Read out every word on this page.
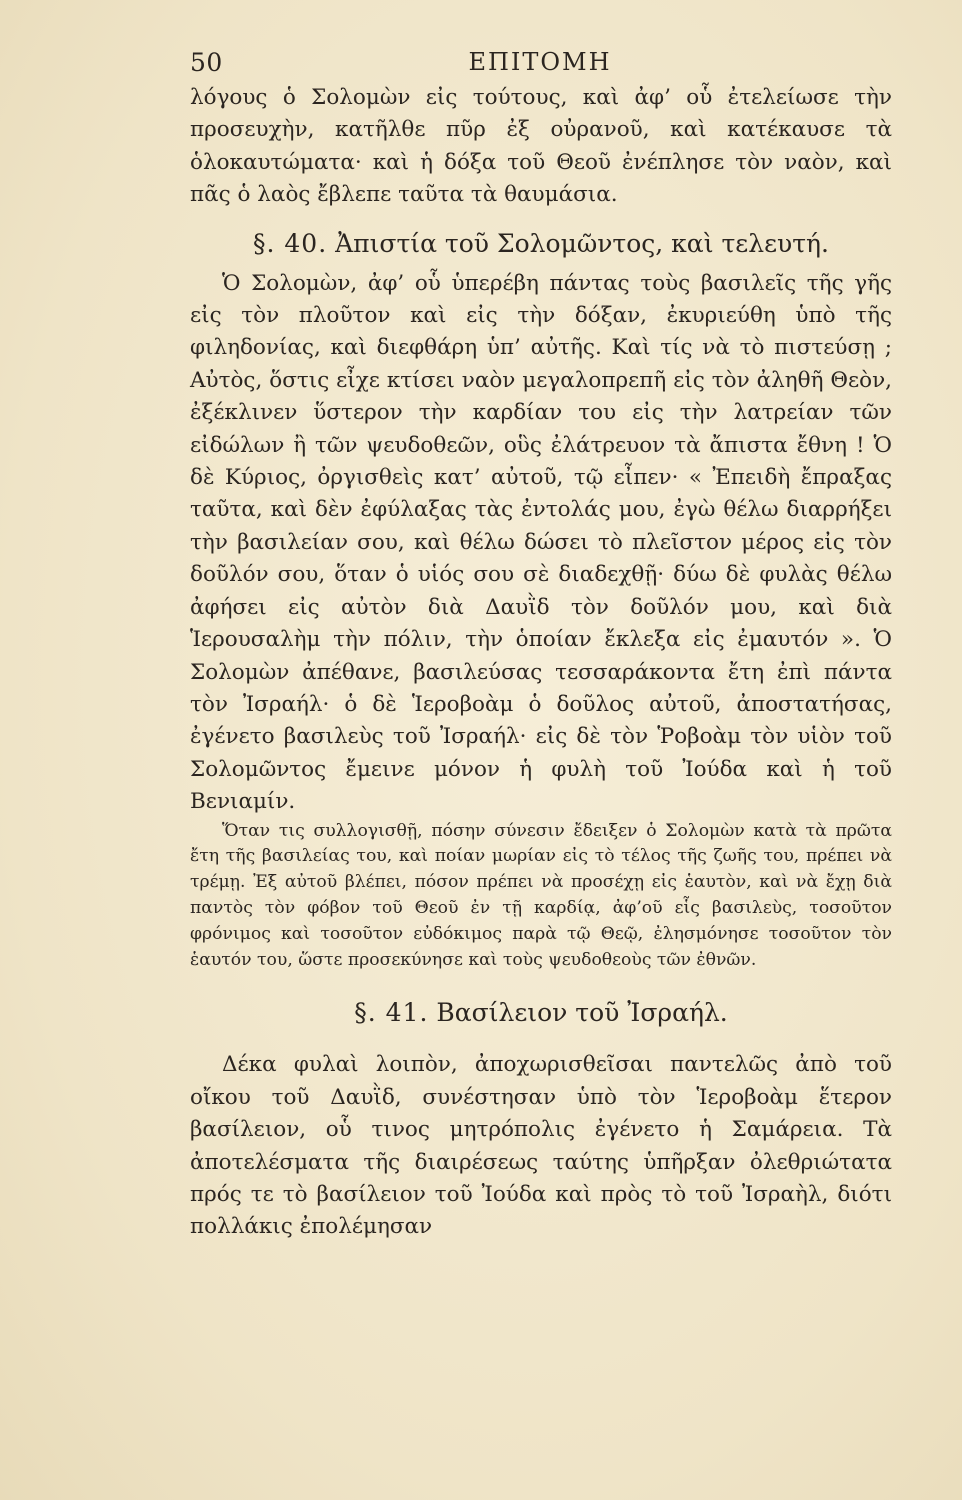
50	ΕΠΙΤΟΜΗ

λόγους ὁ Σολομὼν εἰς τούτους, καὶ ἀφ’ οὗ ἐτελείωσε τὴν προσευχὴν, κατῆλθε πῦρ ἐξ οὐρανοῦ, καὶ κατέκαυσε τὰ ὁλοκαυτώματα· καὶ ἡ δόξα τοῦ Θεοῦ ἐνέπλησε τὸν ναὸν, καὶ πᾶς ὁ λαὸς ἔβλεπε ταῦτα τὰ θαυμάσια.

§. 40. Ἀπιστία τοῦ Σολομῶντος, καὶ τελευτή.

Ὁ Σολομὼν, ἀφ’ οὗ ὑπερέβη πάντας τοὺς βασιλεῖς τῆς γῆς εἰς τὸν πλοῦτον καὶ εἰς τὴν δόξαν, ἐκυριεύθη ὑπὸ τῆς φιληδονίας, καὶ διεφθάρη ὑπ’ αὐτῆς. Καὶ τίς νὰ τὸ πιστεύσῃ ; Αὐτὸς, ὅστις εἶχε κτίσει ναὸν μεγαλοπρεπῆ εἰς τὸν ἀληθῆ Θεὸν, ἐξέκλινεν ὕστερον τὴν καρδίαν του εἰς τὴν λατρείαν τῶν εἰδώλων ἢ τῶν ψευδοθεῶν, οὓς ἐλάτρευον τὰ ἄπιστα ἔθνη ! Ὁ δὲ Κύριος, ὀργισθεὶς κατ’ αὐτοῦ, τῷ εἶπεν· « Ἐπειδὴ ἔπραξας ταῦτα, καὶ δὲν ἐφύλαξας τὰς ἐντολάς μου, ἐγὼ θέλω διαρρήξει τὴν βασιλείαν σου, καὶ θέλω δώσει τὸ πλεῖστον μέρος εἰς τὸν δοῦλόν σου, ὅταν ὁ υἱός σου σὲ διαδεχθῇ· δύω δὲ φυλὰς θέλω ἀφήσει εἰς αὐτὸν διὰ Δαυῒδ τὸν δοῦλόν μου, καὶ διὰ Ἱερουσαλὴμ τὴν πόλιν, τὴν ὁποίαν ἔκλεξα εἰς ἐμαυτόν ». Ὁ Σολομὼν ἀπέθανε, βασιλεύσας τεσσαράκοντα ἔτη ἐπὶ πάντα τὸν Ἰσραήλ· ὁ δὲ Ἱεροβοὰμ ὁ δοῦλος αὐτοῦ, ἀποστατήσας, ἐγένετο βασιλεὺς τοῦ Ἰσραήλ· εἰς δὲ τὸν Ῥοβοὰμ τὸν υἱὸν τοῦ Σολομῶντος ἔμεινε μόνον ἡ φυλὴ τοῦ Ἰούδα καὶ ἡ τοῦ Βενιαμίν.

Ὅταν τις συλλογισθῇ, πόσην σύνεσιν ἔδειξεν ὁ Σολομὼν κατὰ τὰ πρῶτα ἔτη τῆς βασιλείας του, καὶ ποίαν μωρίαν εἰς τὸ τέλος τῆς ζωῆς του, πρέπει νὰ τρέμῃ. Ἐξ αὐτοῦ βλέπει, πόσον πρέπει νὰ προσέχῃ εἰς ἑαυτὸν, καὶ νὰ ἔχῃ διὰ παντὸς τὸν φόβον τοῦ Θεοῦ ἐν τῇ καρδίᾳ, ἀφ’οῦ εἷς βασιλεὺς, τοσοῦτον φρόνιμος καὶ τοσοῦτον εὐδόκιμος παρὰ τῷ Θεῷ, ἐλησμόνησε τοσοῦτον τὸν ἑαυτόν του, ὥστε προσεκύνησε καὶ τοὺς ψευδοθεοὺς τῶν ἐθνῶν.

§. 41. Βασίλειον τοῦ Ἰσραήλ.

Δέκα φυλαὶ λοιπὸν, ἀποχωρισθεῖσαι παντελῶς ἀπὸ τοῦ οἴκου τοῦ Δαυῒδ, συνέστησαν ὑπὸ τὸν Ἱεροβοὰμ ἕτερον βασίλειον, οὗ τινος μητρόπολις ἐγένετο ἡ Σαμάρεια. Τὰ ἀποτελέσματα τῆς διαιρέσεως ταύτης ὑπῆρξαν ὀλεθριώτατα πρός τε τὸ βασίλειον τοῦ Ἰούδα καὶ πρὸς τὸ τοῦ Ἰσραὴλ, διότι πολλάκις ἐπολέμησαν
